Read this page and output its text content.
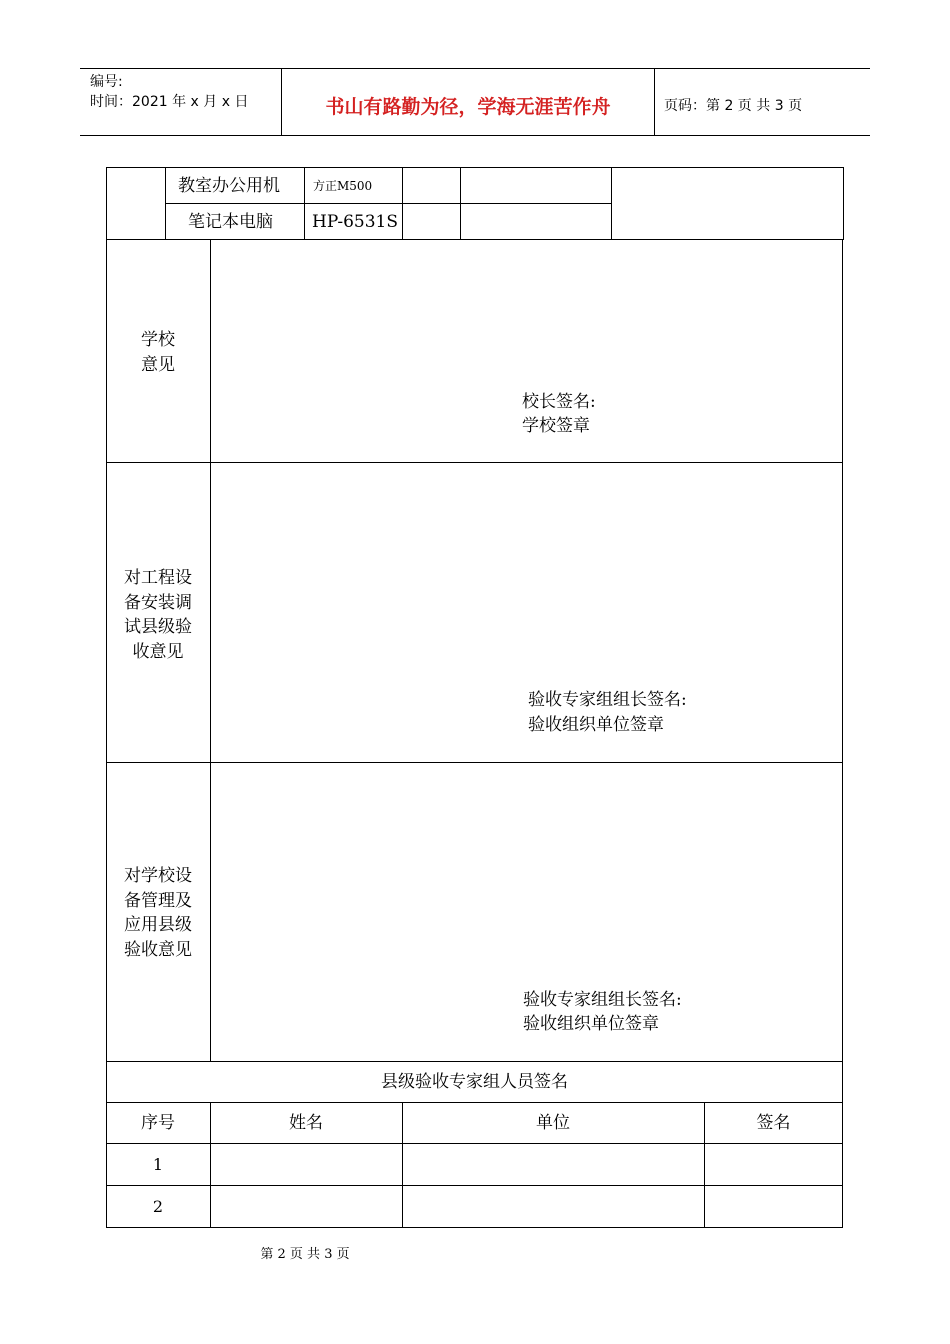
编号:
时间：2021 年 x 月 x 日	书山有路勤为径，学海无涯苦作舟	页码：第 2 页 共 3 页
教室办公用机	方正M500
笔记本电脑 HP-6531S
学校
意见
校长签名:
学校签章
对工程设
备安装调
试县级验
收意见
验收专家组组长签名:
验收组织单位签章
对学校设
备管理及
应用县级
验收意见
验收专家组组长签名:
验收组织单位签章
县级验收专家组人员签名
序号	姓名	单位	签名
1
2
第 2 页 共 3 页
